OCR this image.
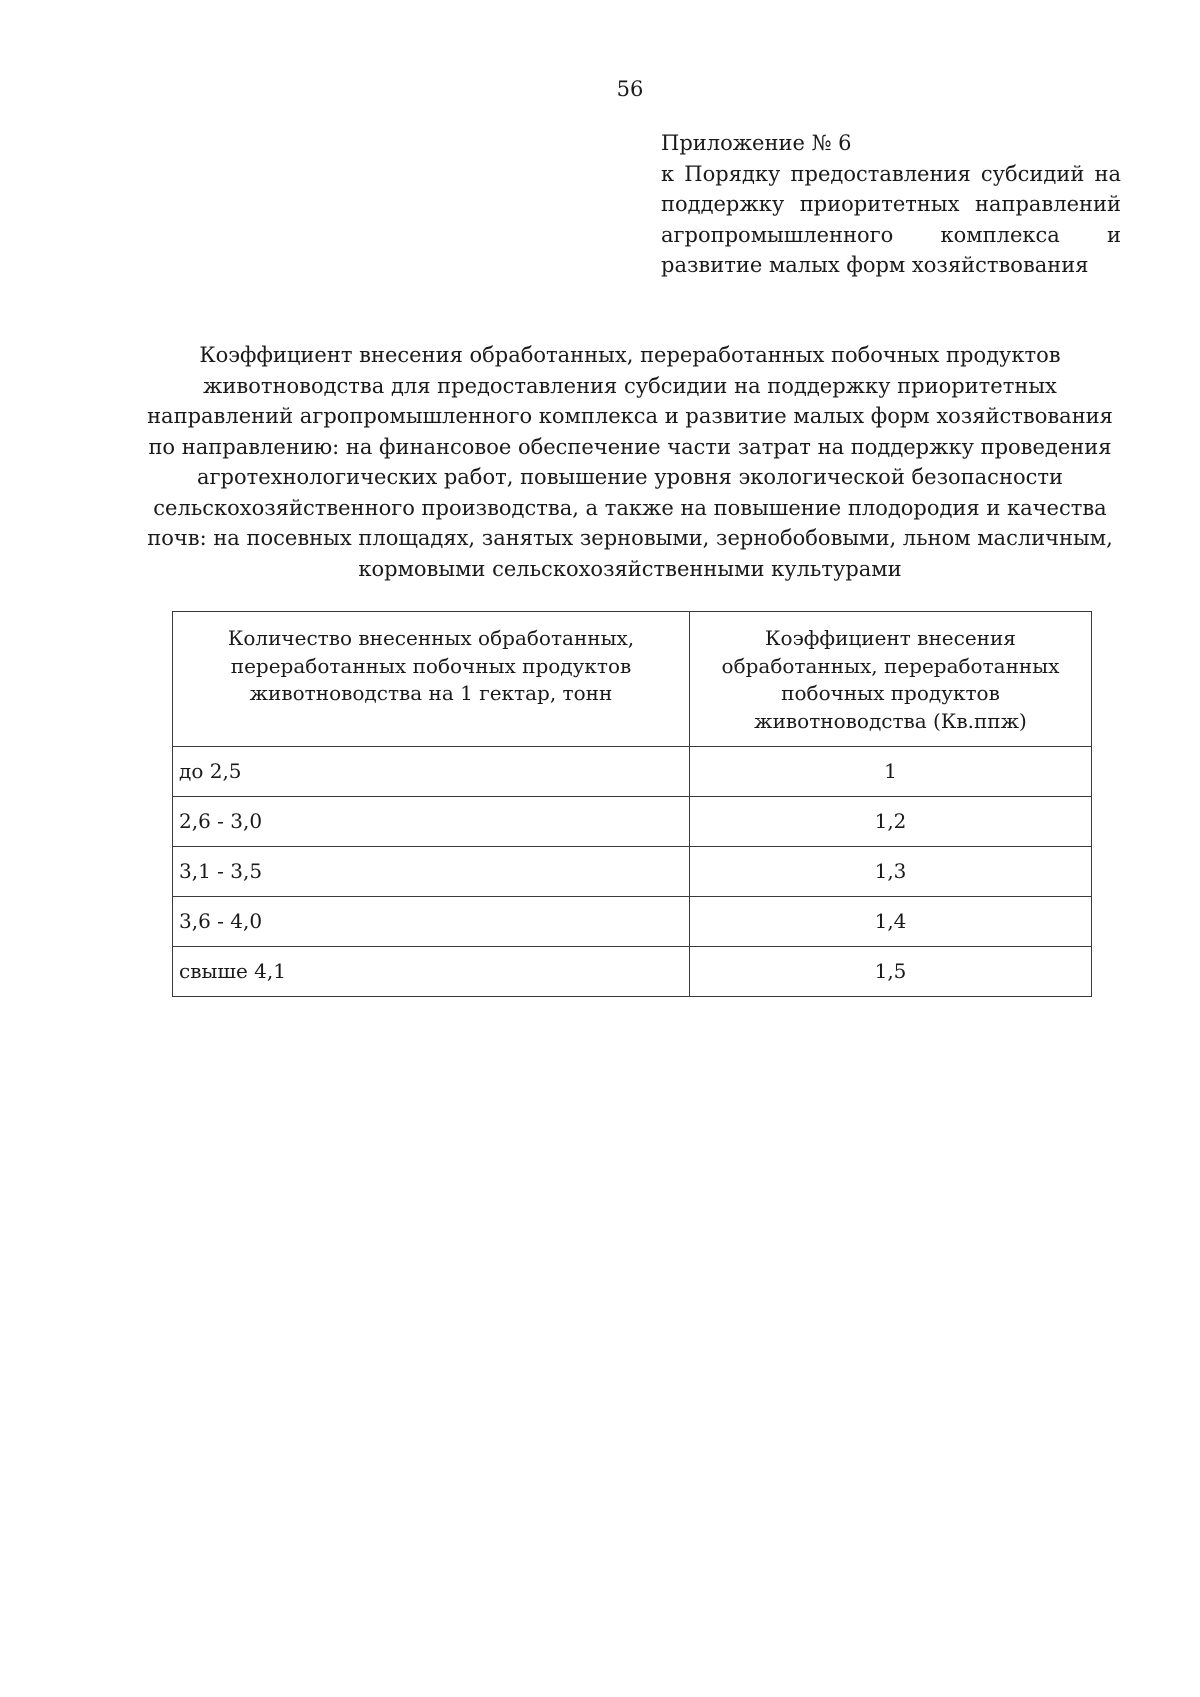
56
Приложение № 6
к Порядку предоставления субсидий на поддержку приоритетных направлений агропромышленного комплекса и развитие малых форм хозяйствования
Коэффициент внесения обработанных, переработанных побочных продуктов
животноводства для предоставления субсидии на поддержку приоритетных
направлений агропромышленного комплекса и развитие малых форм хозяйствования
по направлению: на финансовое обеспечение части затрат на поддержку проведения
агротехнологических работ, повышение уровня экологической безопасности
сельскохозяйственного производства, а также на повышение плодородия и качества
почв: на посевных площадях, занятых зерновыми, зернобобовыми, льном масличным,
кормовыми сельскохозяйственными культурами
Количество внесенных обработанных,
переработанных побочных продуктов
животноводства на 1 гектар, тонн	Коэффициент внесения
обработанных, переработанных
побочных продуктов
животноводства (Кв.ппж)

до 2,5	1
2,6 - 3,0	1,2
3,1 - 3,5	1,3
3,6 - 4,0	1,4
свыше 4,1	1,5
